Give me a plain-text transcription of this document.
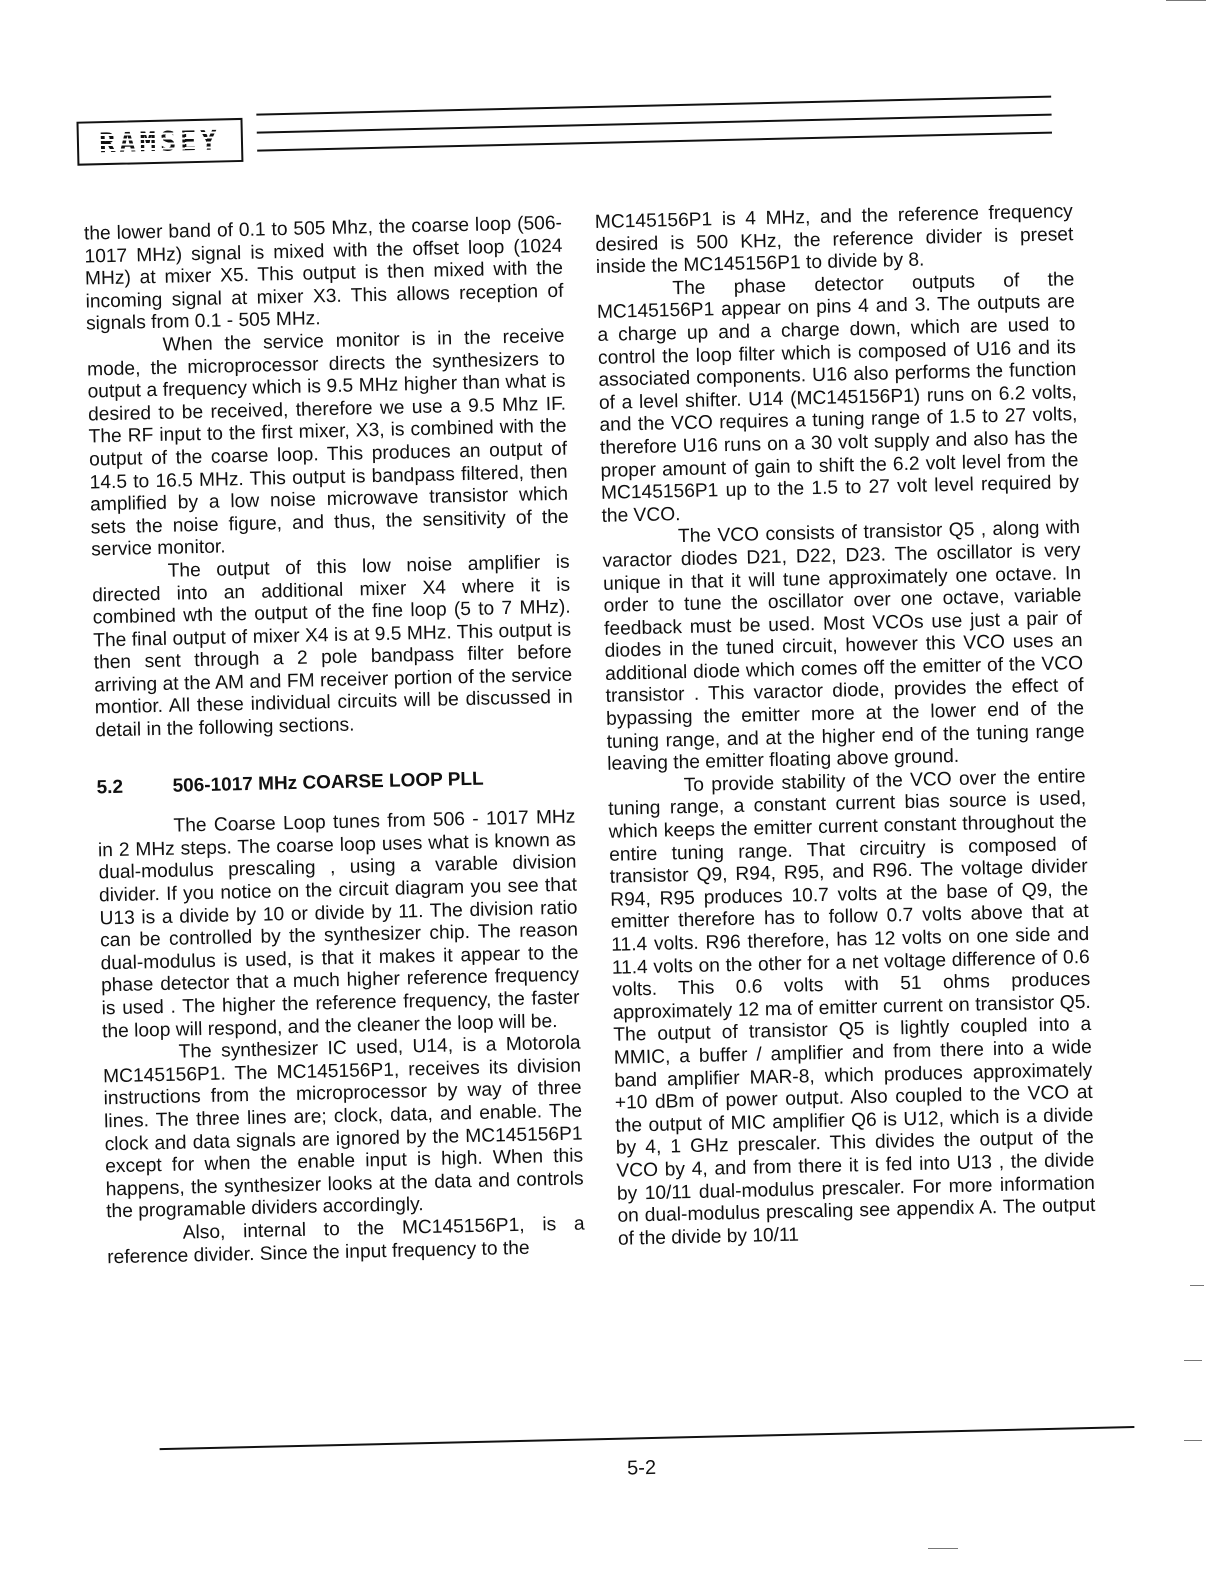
RAMSEY

the lower band of 0.1 to 505 Mhz, the coarse loop (506-1017 MHz) signal is mixed with the offset loop (1024 MHz) at mixer X5. This output is then mixed with the incoming signal at mixer X3. This allows reception of signals from 0.1 - 505 MHz.

When the service monitor is in the receive mode, the microprocessor directs the synthesizers to output a frequency which is 9.5 MHz higher than what is desired to be received, therefore we use a 9.5 Mhz IF. The RF input to the first mixer, X3, is combined with the output of the coarse loop. This produces an output of 14.5 to 16.5 MHz. This output is bandpass filtered, then amplified by a low noise microwave transistor which sets the noise figure, and thus, the sensitivity of the service monitor.

The output of this low noise amplifier is directed into an additional mixer X4 where it is combined wth the output of the fine loop (5 to 7 MHz). The final output of mixer X4 is at 9.5 MHz. This output is then sent through a 2 pole bandpass filter before arriving at the AM and FM receiver portion of the service montior. All these individual circuits will be discussed in detail in the following sections.

5.2	506-1017 MHz COARSE LOOP PLL

The Coarse Loop tunes from 506 - 1017 MHz in 2 MHz steps. The coarse loop uses what is known as dual-modulus prescaling , using a varable division divider. If you notice on the circuit diagram you see that U13 is a divide by 10 or divide by 11. The division ratio can be controlled by the synthesizer chip. The reason dual-modulus is used, is that it makes it appear to the phase detector that a much higher reference frequency is used . The higher the reference frequency, the faster the loop will respond, and the cleaner the loop will be.

The synthesizer IC used, U14, is a Motorola MC145156P1. The MC145156P1, receives its division instructions from the microprocessor by way of three lines. The three lines are; clock, data, and enable. The clock and data signals are ignored by the MC145156P1 except for when the enable input is high. When this happens, the synthesizer looks at the data and controls the programable dividers accordingly.

Also, internal to the MC145156P1, is a reference divider. Since the input frequency to the

MC145156P1 is 4 MHz, and the reference frequency desired is 500 KHz, the reference divider is preset inside the MC145156P1 to divide by 8.

The phase detector outputs of the MC145156P1 appear on pins 4 and 3. The outputs are a charge up and a charge down, which are used to control the loop filter which is composed of U16 and its associated components. U16 also performs the function of a level shifter. U14 (MC145156P1) runs on 6.2 volts, and the VCO requires a tuning range of 1.5 to 27 volts, therefore U16 runs on a 30 volt supply and also has the proper amount of gain to shift the 6.2 volt level from the MC145156P1 up to the 1.5 to 27 volt level required by the VCO.

The VCO consists of transistor Q5 , along with varactor diodes D21, D22, D23. The oscillator is very unique in that it will tune approximately one octave. In order to tune the oscillator over one octave, variable feedback must be used. Most VCOs use just a pair of diodes in the tuned circuit, however this VCO uses an additional diode which comes off the emitter of the VCO transistor . This varactor diode, provides the effect of bypassing the emitter more at the lower end of the tuning range, and at the higher end of the tuning range leaving the emitter floating above ground.

To provide stability of the VCO over the entire tuning range, a constant current bias source is used, which keeps the emitter current constant throughout the entire tuning range. That circuitry is composed of transistor Q9, R94, R95, and R96. The voltage divider R94, R95 produces 10.7 volts at the base of Q9, the emitter therefore has to follow 0.7 volts above that at 11.4 volts. R96 therefore, has 12 volts on one side and 11.4 volts on the other for a net voltage difference of 0.6 volts. This 0.6 volts with 51 ohms produces approximately 12 ma of emitter current on transistor Q5. The output of transistor Q5 is lightly coupled into a MMIC, a buffer / amplifier and from there into a wide band amplifier MAR-8, which produces approximately +10 dBm of power output. Also coupled to the VCO at the output of MIC amplifier Q6 is U12, which is a divide by 4, 1 GHz prescaler. This divides the output of the VCO by 4, and from there it is fed into U13 , the divide by 10/11 dual-modulus prescaler. For more information on dual-modulus prescaling see appendix A. The output of the divide by 10/11

5-2
